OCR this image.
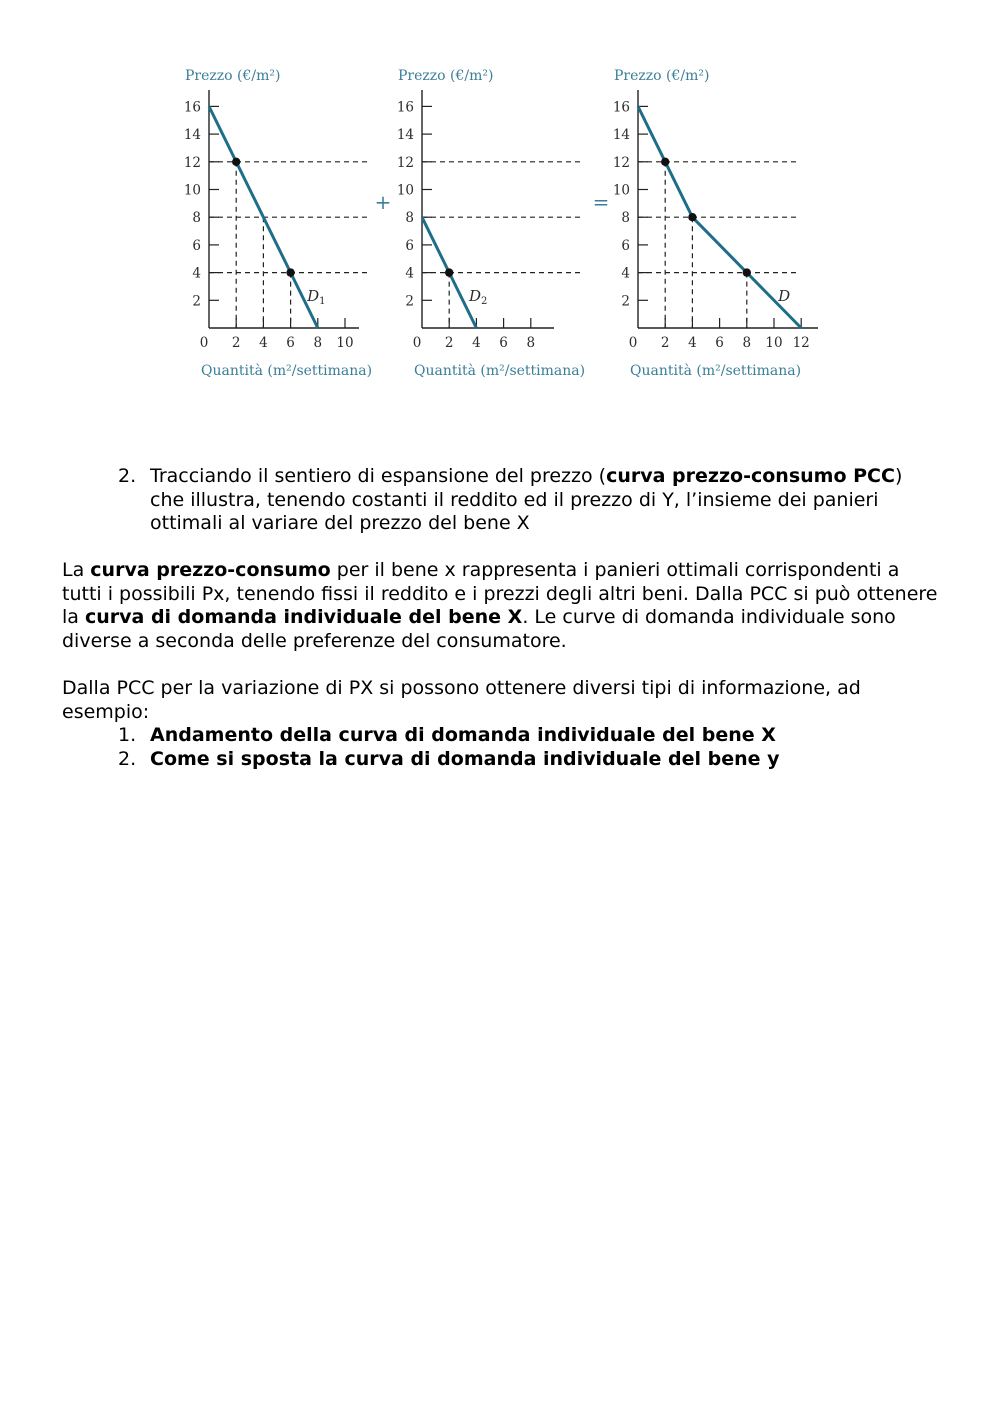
2
4
6
8
10
12
14
16
0 2 4 6 8 10
$D_1$
Prezzo (€/m²)
Quantità (m²/settimana)
2
4
6
8
10
12
14
16
0 2 4 6 8
$D_2$
Prezzo (€/m²)
Quantità (m²/settimana)
2
4
6
8
10
12
14
16
0 2 4 6 8 10 12
D
Prezzo (€/m²)
Quantità (m²/settimana)
+	=

2. Tracciando il sentiero di espansione del prezzo (curva prezzo-consumo PCC) che illustra, tenendo costanti il reddito ed il prezzo di Y, l’insieme dei panieri ottimali al variare del prezzo del bene X

La curva prezzo-consumo per il bene x rappresenta i panieri ottimali corrispondenti a tutti i possibili Px, tenendo fissi il reddito e i prezzi degli altri beni. Dalla PCC si può ottenere la curva di domanda individuale del bene X. Le curve di domanda individuale sono diverse a seconda delle preferenze del consumatore.

Dalla PCC per la variazione di PX si possono ottenere diversi tipi di informazione, ad esempio:

1. Andamento della curva di domanda individuale del bene X

2. Come si sposta la curva di domanda individuale del bene y
